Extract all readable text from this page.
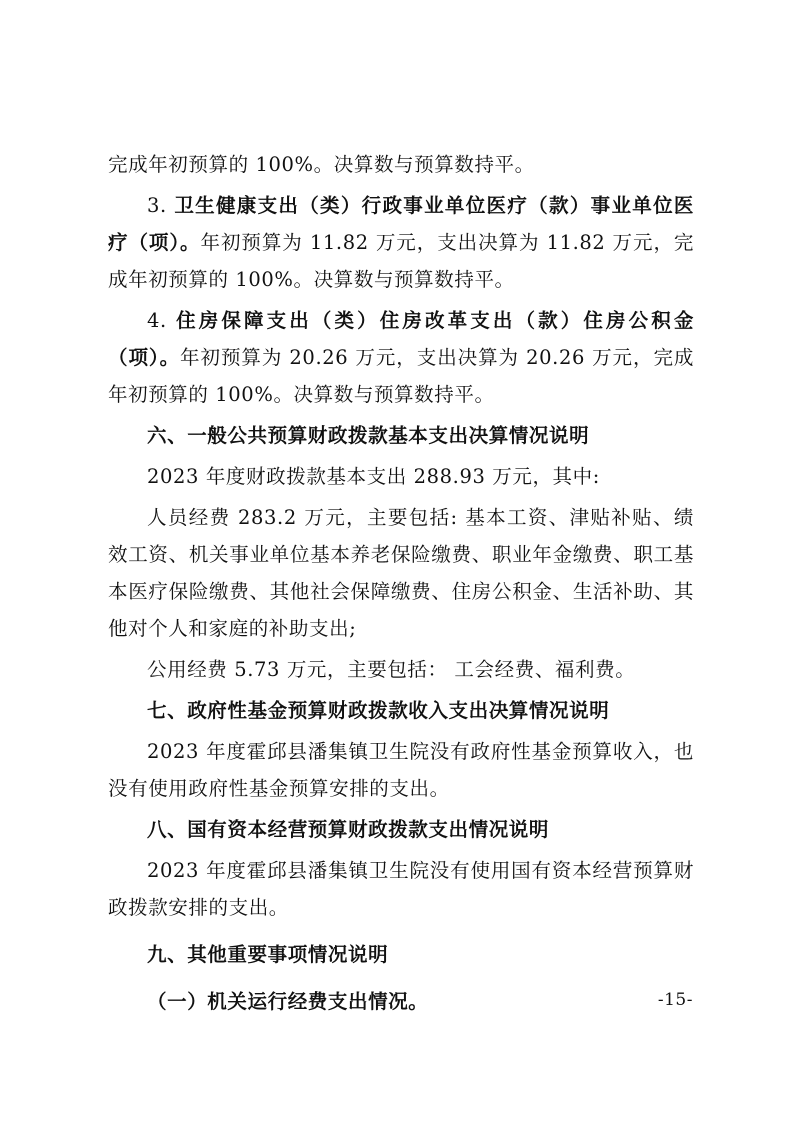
完成年初预算的 100%。决算数与预算数持平。

3. 卫生健康支出（类）行政事业单位医疗（款）事业单位医疗（项）。年初预算为 11.82 万元，支出决算为 11.82 万元，完成年初预算的 100%。决算数与预算数持平。

4. 住房保障支出（类）住房改革支出（款）住房公积金（项）。年初预算为 20.26 万元，支出决算为 20.26 万元，完成年初预算的 100%。决算数与预算数持平。

六、一般公共预算财政拨款基本支出决算情况说明

2023 年度财政拨款基本支出 288.93 万元，其中:

人员经费 283.2 万元，主要包括: 基本工资、津贴补贴、绩效工资、机关事业单位基本养老保险缴费、职业年金缴费、职工基本医疗保险缴费、其他社会保障缴费、住房公积金、生活补助、其他对个人和家庭的补助支出;

公用经费 5.73 万元，主要包括： 工会经费、福利费。

七、政府性基金预算财政拨款收入支出决算情况说明

2023 年度霍邱县潘集镇卫生院没有政府性基金预算收入，也没有使用政府性基金预算安排的支出。

八、国有资本经营预算财政拨款支出情况说明

2023 年度霍邱县潘集镇卫生院没有使用国有资本经营预算财政拨款安排的支出。

九、其他重要事项情况说明

（一）机关运行经费支出情况。	-15-
